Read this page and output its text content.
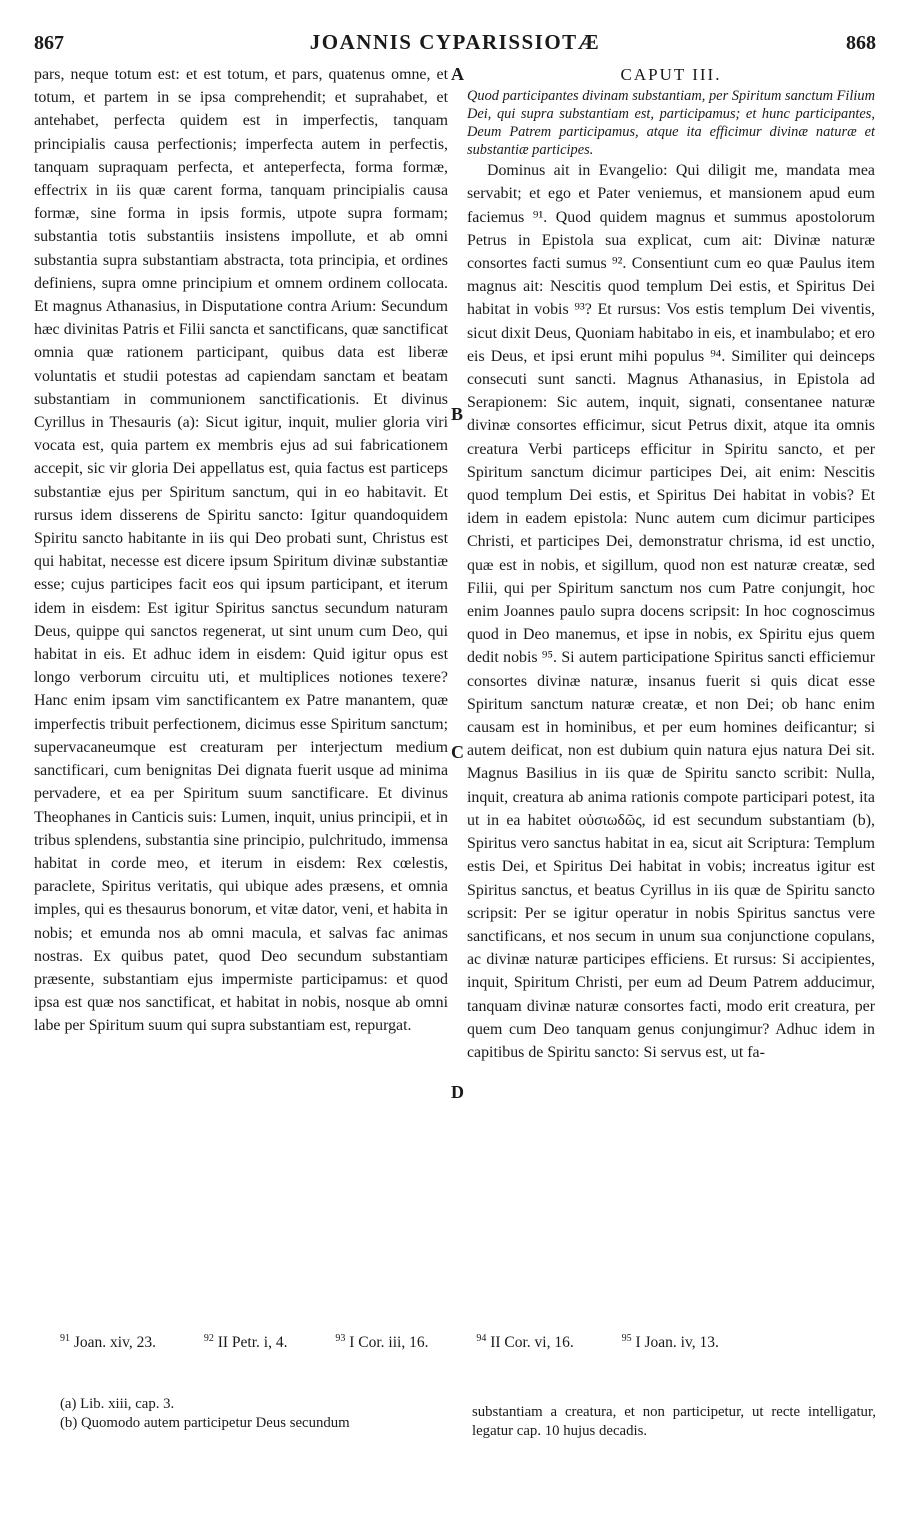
867	JOANNIS CYPARISSIOTÆ	868

pars, neque totum est: et est totum, et pars, quatenus omne, et totum, et partem in se ipsa comprehendit; et suprahabet, et antehabet, perfecta quidem est in imperfectis, tanquam principialis causa perfectionis; imperfecta autem in perfectis, tanquam supraquam perfecta, et anteperfecta, forma formæ, effectrix in iis quæ carent forma, tanquam principialis causa formæ, sine forma in ipsis formis, utpote supra formam; substantia totis substantiis insistens impollute, et ab omni substantia supra substantiam abstracta, tota principia, et ordines definiens, supra omne principium et omnem ordinem collocata. Et magnus Athanasius, in Disputatione contra Arium: Secundum hæc divinitas Patris et Filii sancta et sanctificans, quæ sanctificat omnia quæ rationem participant, quibus data est liberæ voluntatis et studii potestas ad capiendam sanctam et beatam substantiam in communionem sanctificationis. Et divinus Cyrillus in Thesauris (a): Sicut igitur, inquit, mulier gloria viri vocata est, quia partem ex membris ejus ad sui fabricationem accepit, sic vir gloria Dei appellatus est, quia factus est particeps substantiæ ejus per Spiritum sanctum, qui in eo habitavit. Et rursus idem disserens de Spiritu sancto: Igitur quandoquidem Spiritu sancto habitante in iis qui Deo probati sunt, Christus est qui habitat, necesse est dicere ipsum Spiritum divinæ substantiæ esse; cujus participes facit eos qui ipsum participant, et iterum idem in eisdem: Est igitur Spiritus sanctus secundum naturam Deus, quippe qui sanctos regenerat, ut sint unum cum Deo, qui habitat in eis. Et adhuc idem in eisdem: Quid igitur opus est longo verborum circuitu uti, et multiplices notiones texere? Hanc enim ipsam vim sanctificantem ex Patre manantem, quæ imperfectis tribuit perfectionem, dicimus esse Spiritum sanctum; supervacaneumque est creaturam per interjectum medium sanctificari, cum benignitas Dei dignata fuerit usque ad minima pervadere, et ea per Spiritum suum sanctificare. Et divinus Theophanes in Canticis suis: Lumen, inquit, unius principii, et in tribus splendens, substantia sine principio, pulchritudo, immensa habitat in corde meo, et iterum in eisdem: Rex cœlestis, paraclete, Spiritus veritatis, qui ubique ades præsens, et omnia imples, qui es thesaurus bonorum, et vitæ dator, veni, et habita in nobis; et emunda nos ab omni macula, et salvas fac animas nostras. Ex quibus patet, quod Deo secundum substantiam præsente, substantiam ejus impermiste participamus: et quod ipsa est quæ nos sanctificat, et habitat in nobis, nosque ab omni labe per Spiritum suum qui supra substantiam est, repurgat.

A
B
C
D
CAPUT III.

Quod participantes divinam substantiam, per Spiritum sanctum Filium Dei, qui supra substantiam est, participamus; et hunc participantes, Deum Patrem participamus, atque ita efficimur divinæ naturæ et substantiæ participes.

Dominus ait in Evangelio: Qui diligit me, mandata mea servabit; et ego et Pater veniemus, et mansionem apud eum faciemus ⁹¹. Quod quidem magnus et summus apostolorum Petrus in Epistola sua explicat, cum ait: Divinæ naturæ consortes facti sumus ⁹². Consentiunt cum eo quæ Paulus item magnus ait: Nescitis quod templum Dei estis, et Spiritus Dei habitat in vobis ⁹³? Et rursus: Vos estis templum Dei viventis, sicut dixit Deus, Quoniam habitabo in eis, et inambulabo; et ero eis Deus, et ipsi erunt mihi populus ⁹⁴. Similiter qui deinceps consecuti sunt sancti. Magnus Athanasius, in Epistola ad Serapionem: Sic autem, inquit, signati, consentanee naturæ divinæ consortes efficimur, sicut Petrus dixit, atque ita omnis creatura Verbi particeps efficitur in Spiritu sancto, et per Spiritum sanctum dicimur participes Dei, ait enim: Nescitis quod templum Dei estis, et Spiritus Dei habitat in vobis? Et idem in eadem epistola: Nunc autem cum dicimur participes Christi, et participes Dei, demonstratur chrisma, id est unctio, quæ est in nobis, et sigillum, quod non est naturæ creatæ, sed Filii, qui per Spiritum sanctum nos cum Patre conjungit, hoc enim Joannes paulo supra docens scripsit: In hoc cognoscimus quod in Deo manemus, et ipse in nobis, ex Spiritu ejus quem dedit nobis ⁹⁵. Si autem participatione Spiritus sancti efficiemur consortes divinæ naturæ, insanus fuerit si quis dicat esse Spiritum sanctum naturæ creatæ, et non Dei; ob hanc enim causam est in hominibus, et per eum homines deificantur; si autem deificat, non est dubium quin natura ejus natura Dei sit. Magnus Basilius in iis quæ de Spiritu sancto scribit: Nulla, inquit, creatura ab anima rationis compote participari potest, ita ut in ea habitet οὐσιωδῶς, id est secundum substantiam (b), Spiritus vero sanctus habitat in ea, sicut ait Scriptura: Templum estis Dei, et Spiritus Dei habitat in vobis; increatus igitur est Spiritus sanctus, et beatus Cyrillus in iis quæ de Spiritu sancto scripsit: Per se igitur operatur in nobis Spiritus sanctus vere sanctificans, et nos secum in unum sua conjunctione copulans, ac divinæ naturæ participes efficiens. Et rursus: Si accipientes, inquit, Spiritum Christi, per eum ad Deum Patrem adducimur, tanquam divinæ naturæ consortes facti, modo erit creatura, per quem cum Deo tanquam genus conjungimur? Adhuc idem in capitibus de Spiritu sancto: Si servus est, ut fa-

$^{91}$ Joan. xiv, 23.	$^{92}$ II Petr. i, 4.	$^{93}$ I Cor. iii, 16.	$^{94}$ II Cor. vi, 16.	$^{95}$ I Joan. iv, 13.

(a) Lib. xiii, cap. 3.

(b) Quomodo autem participetur Deus secundum

substantiam a creatura, et non participetur, ut recte intelligatur, legatur cap. 10 hujus decadis.
